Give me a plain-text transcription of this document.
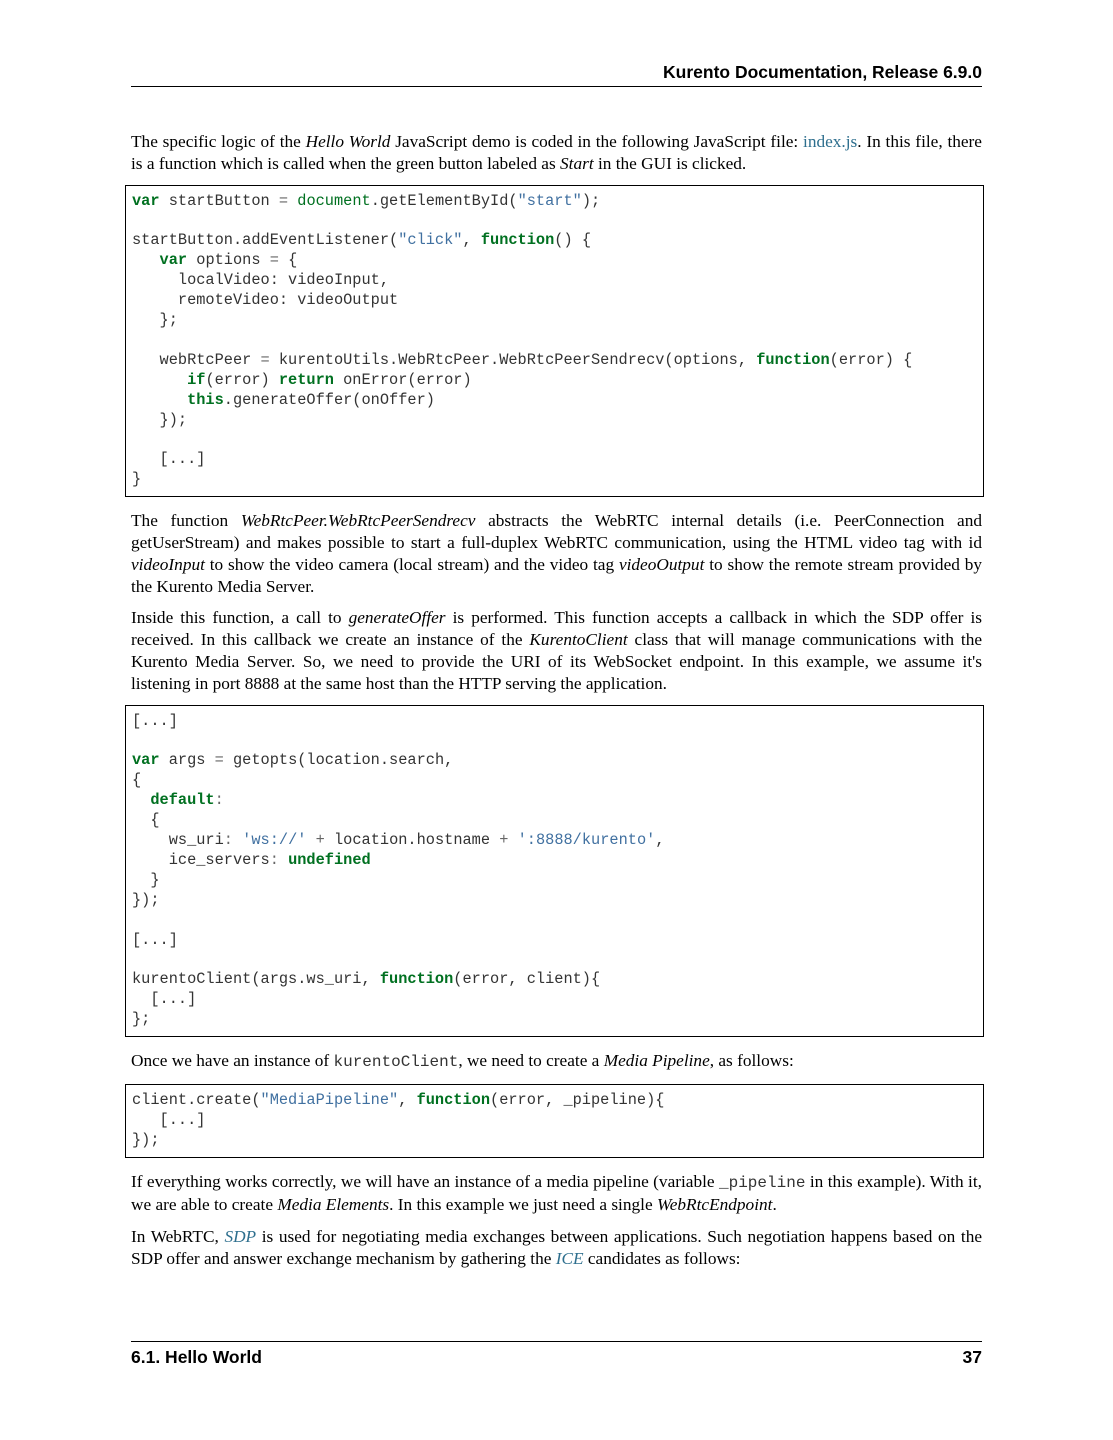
Kurento Documentation, Release 6.9.0

The specific logic of the Hello World JavaScript demo is coded in the following JavaScript file: index.js. In this file, there is a function which is called when the green button labeled as Start in the GUI is clicked.

var startButton = document.getElementById("start");

startButton.addEventListener("click", function() {
var options = {
localVideo: videoInput,
remoteVideo: videoOutput
};

webRtcPeer = kurentoUtils.WebRtcPeer.WebRtcPeerSendrecv(options, function(error) {
if(error) return onError(error)
this.generateOffer(onOffer)
});

[...]
}

The function WebRtcPeer.WebRtcPeerSendrecv abstracts the WebRTC internal details (i.e. PeerConnection and getUserStream) and makes possible to start a full-duplex WebRTC communication, using the HTML video tag with id videoInput to show the video camera (local stream) and the video tag videoOutput to show the remote stream provided by the Kurento Media Server.

Inside this function, a call to generateOffer is performed. This function accepts a callback in which the SDP offer is received. In this callback we create an instance of the KurentoClient class that will manage communications with the Kurento Media Server. So, we need to provide the URI of its WebSocket endpoint. In this example, we assume it's listening in port 8888 at the same host than the HTTP serving the application.

[...]

var args = getopts(location.search,
{
default:
{
ws_uri: 'ws://' + location.hostname + ':8888/kurento',
ice_servers: undefined
}
});

[...]

kurentoClient(args.ws_uri, function(error, client){
[...]
};

Once we have an instance of kurentoClient, we need to create a Media Pipeline, as follows:

client.create("MediaPipeline", function(error, _pipeline){
[...]
});

If everything works correctly, we will have an instance of a media pipeline (variable _pipeline in this example). With it, we are able to create Media Elements. In this example we just need a single WebRtcEndpoint.

In WebRTC, SDP is used for negotiating media exchanges between applications. Such negotiation happens based on the SDP offer and answer exchange mechanism by gathering the ICE candidates as follows:

6.1. Hello World	37
